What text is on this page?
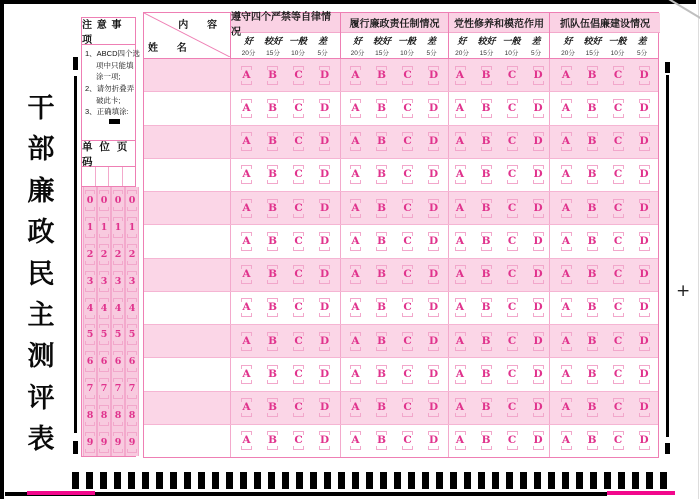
干
部
廉
政
民
主
测
评
表
+
注 意 事 项
1、ABCD四个选
项中只能填
涂一项;
2、请勿折叠弄
破此卡;
3、正确填涂:
单 位 页 码
0
1
2
3
4
5
6
7
8
9
0
1
2
3
4
5
6
7
8
9
0
1
2
3
4
5
6
7
8
9
0
1
2
3
4
5
6
7
8
9
内 容
姓 名
遵守四个严禁等自律情况
好
20分
较好
15分
一般
10分
差
5分
履行廉政责任制情况
好
20分
较好
15分
一般
10分
差
5分
党性修养和模范作用
好
20分
较好
15分
一般
10分
差
5分
抓队伍倡廉建设情况
好
20分
较好
15分
一般
10分
差
5分
A B C D A B C D A B C D A B C D
A B C D A B C D A B C D A B C D
A B C D A B C D A B C D A B C D
A B C D A B C D A B C D A B C D
A B C D A B C D A B C D A B C D
A B C D A B C D A B C D A B C D
A B C D A B C D A B C D A B C D
A B C D A B C D A B C D A B C D
A B C D A B C D A B C D A B C D
A B C D A B C D A B C D A B C D
A B C D A B C D A B C D A B C D
A B C D A B C D A B C D A B C D
